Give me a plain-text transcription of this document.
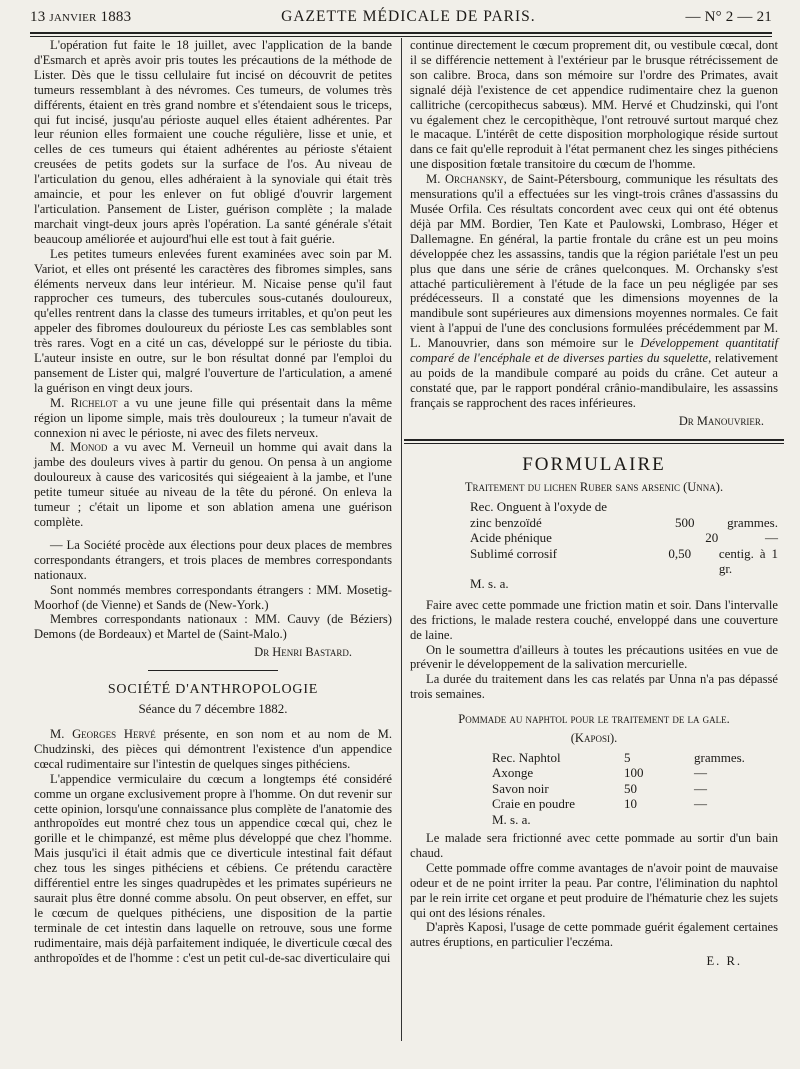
13 janvier 1883	GAZETTE MÉDICALE DE PARIS.	— N° 2 — 21

L'opération fut faite le 18 juillet, avec l'application de la bande d'Esmarch et après avoir pris toutes les précautions de la méthode de Lister. Dès que le tissu cellulaire fut incisé on découvrit de petites tumeurs ressemblant à des névromes. Ces tumeurs, de volumes très différents, étaient en très grand nombre et s'étendaient sous le triceps, qui fut incisé, jusqu'au périoste auquel elles étaient adhérentes. Par leur réunion elles formaient une couche régulière, lisse et unie, et celles de ces tumeurs qui étaient adhérentes au périoste s'étaient creusées de petits godets sur la surface de l'os. Au niveau de l'articulation du genou, elles adhéraient à la synoviale qui était très amaincie, et pour les enlever on fut obligé d'ouvrir largement l'articulation. Pansement de Lister, guérison complète ; la malade marchait vingt-deux jours après l'opération. La santé générale s'était beaucoup améliorée et aujourd'hui elle est tout à fait guérie.

Les petites tumeurs enlevées furent examinées avec soin par M. Variot, et elles ont présenté les caractères des fibromes simples, sans éléments nerveux dans leur intérieur. M. Nicaise pense qu'il faut rapprocher ces tumeurs, des tubercules sous-cutanés douloureux, qu'elles rentrent dans la classe des tumeurs irritables, et qu'on peut les appeler des fibromes douloureux du périoste Les cas semblables sont très rares. Vogt en a cité un cas, développé sur le périoste du tibia. L'auteur insiste en outre, sur le bon résultat donné par l'emploi du pansement de Lister qui, malgré l'ouverture de l'articulation, a amené la guérison en vingt deux jours.

M. Richelot a vu une jeune fille qui présentait dans la même région un lipome simple, mais très douloureux ; la tumeur n'avait de connexion ni avec le périoste, ni avec des filets nerveux.

M. Monod a vu avec M. Verneuil un homme qui avait dans la jambe des douleurs vives à partir du genou. On pensa à un angiome douloureux à cause des varicosités qui siégeaient à la jambe, et l'une petite tumeur située au niveau de la tête du péroné. On enleva la tumeur ; c'était un lipome et son ablation amena une guérison complète.

— La Société procède aux élections pour deux places de membres correspondants étrangers, et trois places de membres correspondants nationaux.

Sont nommés membres correspondants étrangers : MM. Mosetig-Moorhof (de Vienne) et Sands de (New-York.)

Membres correspondants nationaux : MM. Cauvy (de Béziers) Demons (de Bordeaux) et Martel de (Saint-Malo.)

Dr Henri Bastard.

SOCIÉTÉ D'ANTHROPOLOGIE

Séance du 7 décembre 1882.

M. Georges Hervé présente, en son nom et au nom de M. Chudzinski, des pièces qui démontrent l'existence d'un appendice cœcal rudimentaire sur l'intestin de quelques singes pithéciens.

L'appendice vermiculaire du cœcum a longtemps été considéré comme un organe exclusivement propre à l'homme. On dut revenir sur cette opinion, lorsqu'une connaissance plus complète de l'anatomie des anthropoïdes eut montré chez tous un appendice cœcal qui, chez le gorille et le chimpanzé, est même plus développé que chez l'homme. Mais jusqu'ici il était admis que ce diverticule intestinal fait défaut chez tous les singes pithéciens et cébiens. Ce prétendu caractère différentiel entre les singes quadrupèdes et les primates supérieurs ne saurait plus être donné comme absolu. On peut observer, en effet, sur le cœcum de quelques pithéciens, une disposition de la partie terminale de cet intestin dans laquelle on retrouve, sous une forme rudimentaire, mais déjà parfaitement indiquée, le diverticule cœcal des anthropoïdes et de l'homme : c'est un petit cul-de-sac diverticulaire qui

continue directement le cœcum proprement dit, ou vestibule cœcal, dont il se différencie nettement à l'extérieur par le brusque rétrécissement de son calibre. Broca, dans son mémoire sur l'ordre des Primates, avait signalé déjà l'existence de cet appendice rudimentaire chez la guenon callitriche (cercopithecus sabœus). MM. Hervé et Chudzinski, qui l'ont vu également chez le cercopithèque, l'ont retrouvé surtout marqué chez le macaque. L'intérêt de cette disposition morphologique réside surtout dans ce fait qu'elle reproduit à l'état permanent chez les singes pithéciens une disposition fœtale transitoire du cœcum de l'homme.

M. Orchansky, de Saint-Pétersbourg, communique les résultats des mensurations qu'il a effectuées sur les vingt-trois crânes d'assassins du Musée Orfila. Ces résultats concordent avec ceux qui ont été obtenus déjà par MM. Bordier, Ten Kate et Paulowski, Lombraso, Héger et Dallemagne. En général, la partie frontale du crâne est un peu moins développée chez les assassins, tandis que la région pariétale l'est un peu plus que dans une série de crânes quelconques. M. Orchansky s'est attaché particulièrement à l'étude de la face un peu négligée par ses prédécesseurs. Il a constaté que les dimensions moyennes de la mandibule sont supérieures aux dimensions moyennes normales. Ce fait vient à l'appui de l'une des conclusions formulées précédemment par M. L. Manouvrier, dans son mémoire sur le Développement quantitatif comparé de l'encéphale et de diverses parties du squelette, relativement au poids de la mandibule comparé au poids du crâne. Cet auteur a constaté que, par le rapport pondéral crânio-mandibulaire, les assassins français se rapprochent des races inférieures.

Dr Manouvrier.

FORMULAIRE

Traitement du lichen Ruber sans arsenic (Unna).

Rec. Onguent à l'oxyde de
zinc benzoïdé	500	grammes.
Acide phénique	20	—
Sublimé corrosif	0,50	centig. à 1 gr.
M. s. a.

Faire avec cette pommade une friction matin et soir. Dans l'intervalle des frictions, le malade restera couché, enveloppé dans une couverture de laine.

On le soumettra d'ailleurs à toutes les précautions usitées en vue de prévenir le développement de la salivation mercurielle.

La durée du traitement dans les cas relatés par Unna n'a pas dépassé trois semaines.

Pommade au naphtol pour le traitement de la gale.

(Kaposi).

Rec. Naphtol	5	grammes.
Axonge	100	—
Savon noir	50	—
Craie en poudre	10	—
M. s. a.

Le malade sera frictionné avec cette pommade au sortir d'un bain chaud.

Cette pommade offre comme avantages de n'avoir point de mauvaise odeur et de ne point irriter la peau. Par contre, l'élimination du naphtol par le rein irrite cet organe et peut produire de l'hématurie chez les sujets qui ont des lésions rénales.

D'après Kaposi, l'usage de cette pommade guérit également certaines autres éruptions, en particulier l'eczéma.

E. R.
